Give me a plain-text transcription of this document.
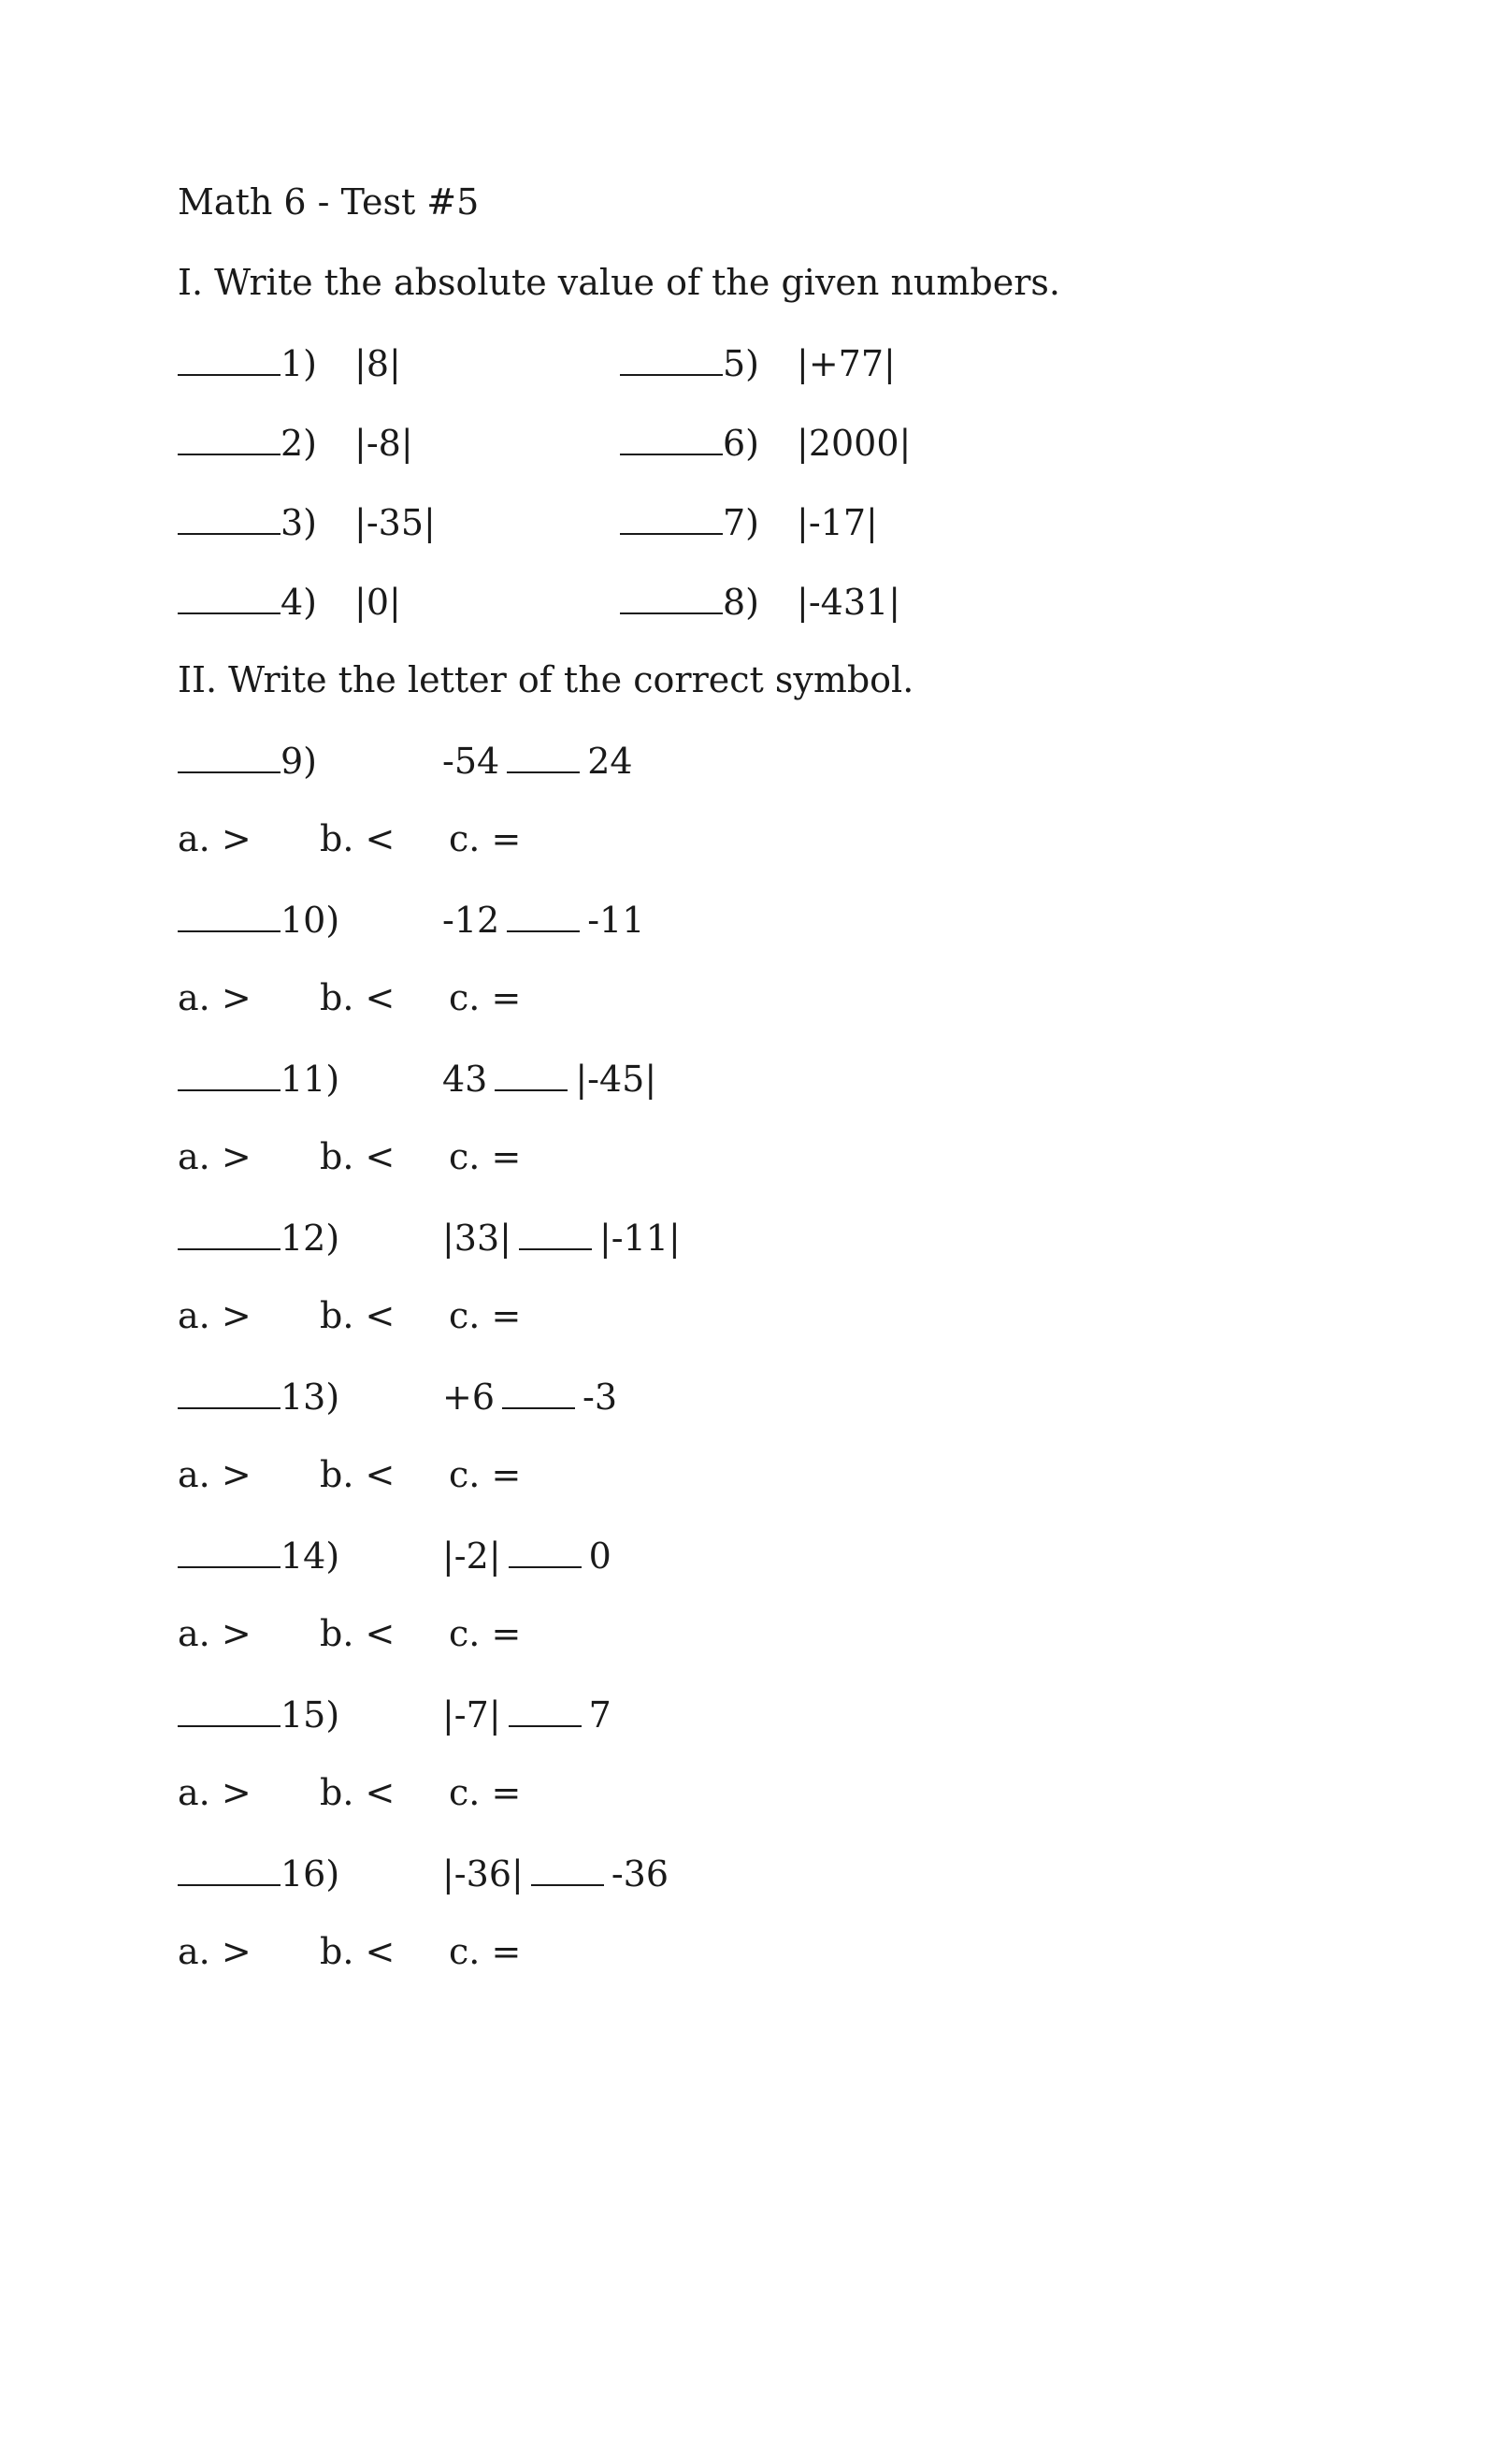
Math 6 - Test #5
I. Write the absolute value of the given numbers.
1) |8|	5) |+77|
2) |-8|	6) |2000|
3) |-35|	7) |-17|
4) |0|	8) |-431|
II. Write the letter of the correct symbol.
9)	-54 24
a. > b. < c. =
10)	-12 -11
a. > b. < c. =
11)	43 |-45|
a. > b. < c. =
12)	|33| |-11|
a. > b. < c. =
13)	+6 -3
a. > b. < c. =
14)	|-2| 0
a. > b. < c. =
15)	|-7| 7
a. > b. < c. =
16)	|-36| -36
a. > b. < c. =
